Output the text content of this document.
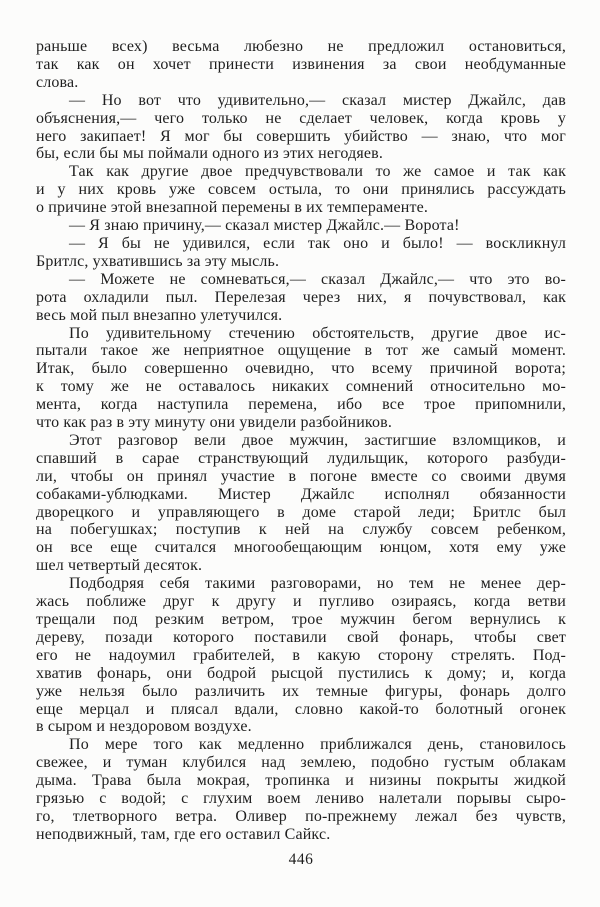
раньше всех) весьма любезно не предложил остановиться,
так как он хочет принести извинения за свои необдуманные
слова.
— Но вот что удивительно,— сказал мистер Джайлс, дав
объяснения,— чего только не сделает человек, когда кровь у
него закипает! Я мог бы совершить убийство — знаю, что мог
бы, если бы мы поймали одного из этих негодяев.
Так как другие двое предчувствовали то же самое и так как
и у них кровь уже совсем остыла, то они принялись рассуждать
о причине этой внезапной перемены в их темпераменте.
— Я знаю причину,— сказал мистер Джайлс.— Ворота!
— Я бы не удивился, если так оно и было! — воскликнул
Бритлс, ухватившись за эту мысль.
— Можете не сомневаться,— сказал Джайлс,— что это во-
рота охладили пыл. Перелезая через них, я почувствовал, как
весь мой пыл внезапно улетучился.
По удивительному стечению обстоятельств, другие двое ис-
пытали такое же неприятное ощущение в тот же самый момент.
Итак, было совершенно очевидно, что всему причиной ворота;
к тому же не оставалось никаких сомнений относительно мо-
мента, когда наступила перемена, ибо все трое припомнили,
что как раз в эту минуту они увидели разбойников.
Этот разговор вели двое мужчин, застигшие взломщиков, и
спавший в сарае странствующий лудильщик, которого разбуди-
ли, чтобы он принял участие в погоне вместе со своими двумя
собаками-ублюдками. Мистер Джайлс исполнял обязанности
дворецкого и управляющего в доме старой леди; Бритлс был
на побегушках; поступив к ней на службу совсем ребенком,
он все еще считался многообещающим юнцом, хотя ему уже
шел четвертый десяток.
Подбодряя себя такими разговорами, но тем не менее дер-
жась поближе друг к другу и пугливо озираясь, когда ветви
трещали под резким ветром, трое мужчин бегом вернулись к
дереву, позади которого поставили свой фонарь, чтобы свет
его не надоумил грабителей, в какую сторону стрелять. Под-
хватив фонарь, они бодрой рысцой пустились к дому; и, когда
уже нельзя было различить их темные фигуры, фонарь долго
еще мерцал и плясал вдали, словно какой-то болотный огонек
в сыром и нездоровом воздухе.
По мере того как медленно приближался день, становилось
свежее, и туман клубился над землею, подобно густым облакам
дыма. Трава была мокрая, тропинка и низины покрыты жидкой
грязью с водой; с глухим воем лениво налетали порывы сыро-
го, тлетворного ветра. Оливер по-прежнему лежал без чувств,
неподвижный, там, где его оставил Сайкс.
446
